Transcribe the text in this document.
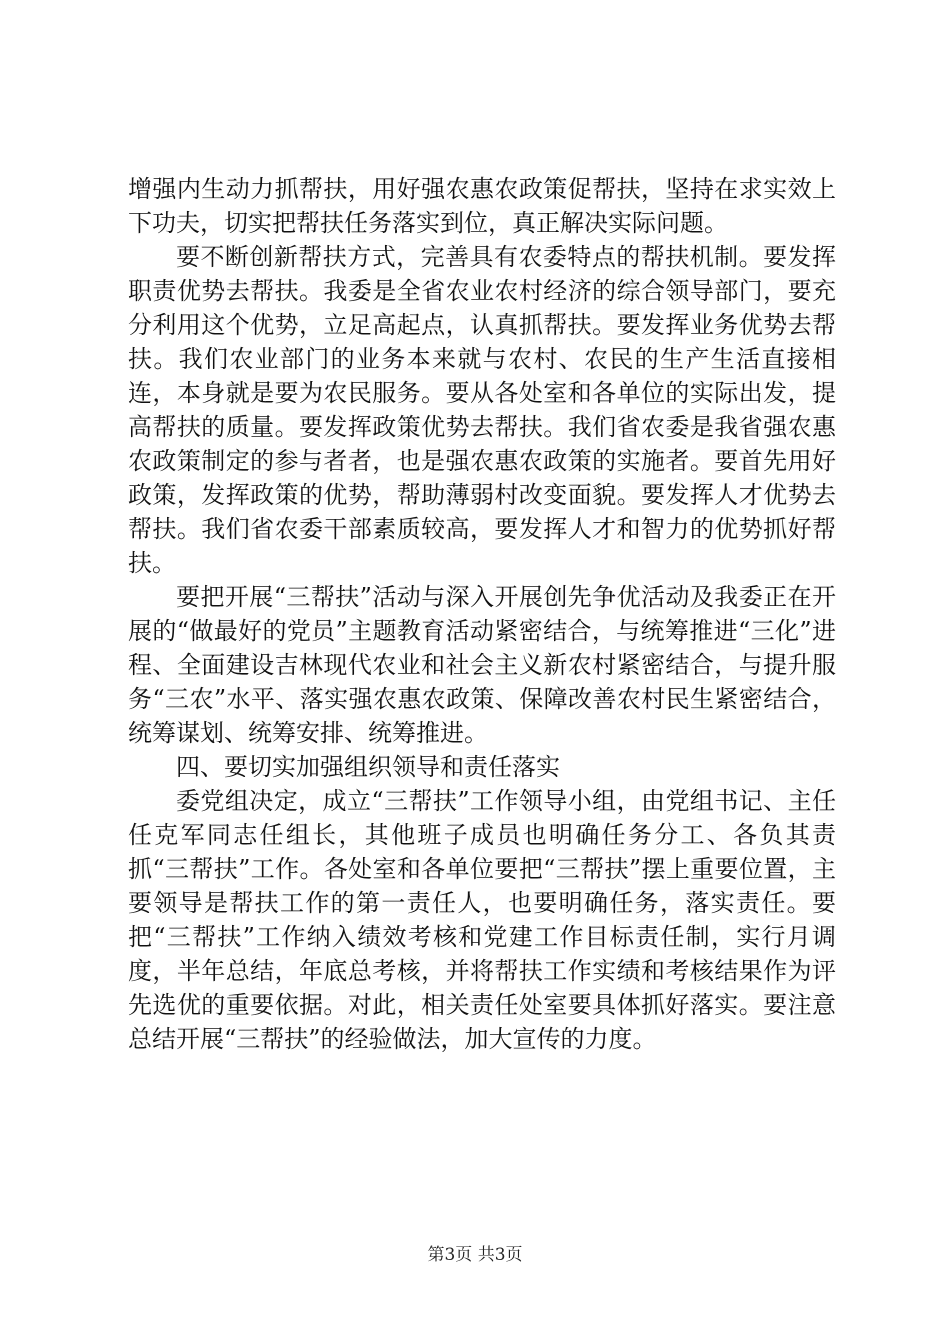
增强内生动力抓帮扶，用好强农惠农政策促帮扶，坚持在求实效上下功夫，切实把帮扶任务落实到位，真正解决实际问题。

要不断创新帮扶方式，完善具有农委特点的帮扶机制。要发挥职责优势去帮扶。我委是全省农业农村经济的综合领导部门，要充分利用这个优势，立足高起点，认真抓帮扶。要发挥业务优势去帮扶。我们农业部门的业务本来就与农村、农民的生产生活直接相连，本身就是要为农民服务。要从各处室和各单位的实际出发，提高帮扶的质量。要发挥政策优势去帮扶。我们省农委是我省强农惠农政策制定的参与者者，也是强农惠农政策的实施者。要首先用好政策，发挥政策的优势，帮助薄弱村改变面貌。要发挥人才优势去帮扶。我们省农委干部素质较高，要发挥人才和智力的优势抓好帮扶。

要把开展“三帮扶”活动与深入开展创先争优活动及我委正在开展的“做最好的党员”主题教育活动紧密结合，与统筹推进“三化”进程、全面建设吉林现代农业和社会主义新农村紧密结合，与提升服务“三农”水平、落实强农惠农政策、保障改善农村民生紧密结合，统筹谋划、统筹安排、统筹推进。

四、要切实加强组织领导和责任落实

委党组决定，成立“三帮扶”工作领导小组，由党组书记、主任任克军同志任组长，其他班子成员也明确任务分工、各负其责抓“三帮扶”工作。各处室和各单位要把“三帮扶”摆上重要位置，主要领导是帮扶工作的第一责任人，也要明确任务，落实责任。要把“三帮扶”工作纳入绩效考核和党建工作目标责任制，实行月调度，半年总结，年底总考核，并将帮扶工作实绩和考核结果作为评先选优的重要依据。对此，相关责任处室要具体抓好落实。要注意总结开展“三帮扶”的经验做法，加大宣传的力度。

第3页 共3页
